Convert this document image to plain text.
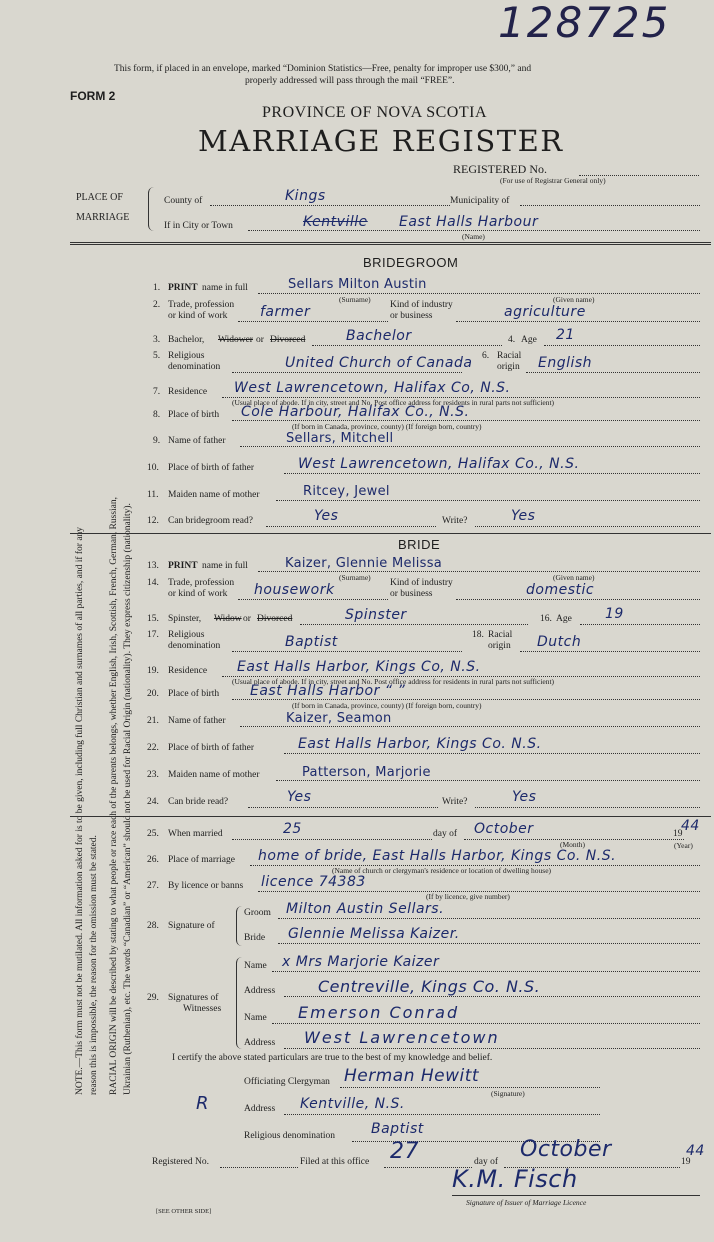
128725
This form, if placed in an envelope, marked “Dominion Statistics—Free, penalty for improper use $300,” and
properly addressed will pass through the mail “FREE”.
FORM 2
PROVINCE OF NOVA SCOTIA
MARRIAGE REGISTER
REGISTERED No.
(For use of Registrar General only)
PLACE OF
MARRIAGE
County of	Kings	Municipality of
If in City or Town	Kentville East Halls Harbour
(Name)
NOTE.—This form must not be mutilated. All information asked for is to be given, including full Christian and surnames of all parties, and if for any reason this is impossible, the reason for the omission must be stated. RACIAL ORIGIN will be described by stating to what people or race each of the parents belongs, whether English, Irish, Scottish, French, German, Russian, Ukrainian (Ruthenian), etc. The words “Canadian” or “American” should not be used for Racial Origin (nationality). They express citizenship (nationality).
BRIDEGROOM
1. PRINT name in full	Sellars Milton Austin
(Surname)	(Given name)
2. Trade, profession
or kind of work farmer	Kind of industry
or business	agriculture
3. Bachelor, Widower or Divorced	Bachelor	4. Age 21
5. Religious
denomination	United Church of Canada 6. Racial
origin English
7. Residence West Lawrencetown, Halifax Co, N.S.
(Usual place of abode. If in city, street and No. Post office address for residents in rural parts not sufficient)
8. Place of birth Cole Harbour, Halifax Co., N.S.
(If born in Canada, province, county) (If foreign born, country)
9. Name of father	Sellars, Mitchell
10. Place of birth of father	West Lawrencetown, Halifax Co., N.S.
11. Maiden name of mother	Ritcey, Jewel
12. Can bridegroom read?	Yes	Write?	Yes
BRIDE
13. PRINT name in full	Kaizer, Glennie Melissa
(Surname)	(Given name)
14. Trade, profession
or kind of work housework	Kind of industry
or business	domestic
15. Spinster, Widow or Divorced	Spinster	16. Age 19
17. Religious
denomination	Baptist	18. Racial
origin Dutch
19. Residence East Halls Harbor, Kings Co, N.S.
(Usual place of abode. If in city, street and No. Post office address for residents in rural parts not sufficient)
20. Place of birth East Halls Harbor “ ”
(If born in Canada, province, county) (If foreign born, country)
21. Name of father	Kaizer, Seamon
22. Place of birth of father	East Halls Harbor, Kings Co. N.S.
23. Maiden name of mother	Patterson, Marjorie
24. Can bride read?	Yes	Write?	Yes
25. When married	25	day of October
(Month)
19
44
(Year)
26. Place of marriage home of bride, East Halls Harbor, Kings Co. N.S.
(Name of church or clergyman's residence or location of dwelling house)
27. By licence or banns licence 74383
(If by licence, give number)
28. Signature of
Groom Milton Austin Sellars.
Bride Glennie Melissa Kaizer.
29. Signatures of
Witnesses
Name x Mrs Marjorie Kaizer
Address	Centreville, Kings Co. N.S.
Name Emerson Conrad
Address West Lawrencetown
I certify the above stated particulars are true to the best of my knowledge and belief.
Officiating Clergyman Herman Hewitt
(Signature)
Address Kentville, N.S.
Religious denomination	Baptist
Registered No.	Filed at this office 27	day of October	19
44
K.M. Fisch
Signature of Issuer of Marriage Licence
R
[SEE OTHER SIDE]
